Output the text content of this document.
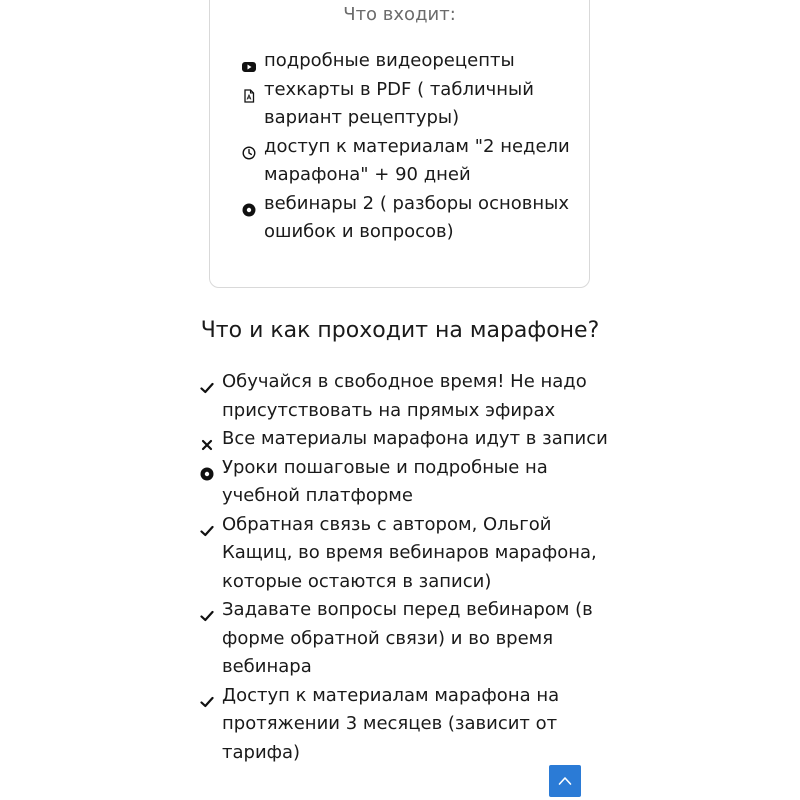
Что входит:
подробные видеорецепты
техкарты в PDF ( табличный вариант рецептуры)
доступ к материалам "2 недели марафона" + 90 дней
вебинары 2 ( разборы основных ошибок и вопросов)
Что и как проходит на марафоне?
Обучайся в свободное время! Не надо присутcтвовать на прямых эфирах
Все материалы марафона идут в записи
Уроки пошаговые и подробные на учебной платформе
Обратная связь с автором, Ольгой Кащиц, во время вебинаров марафона, которые остаются в записи)
Задавате вопросы перед вебинаром (в форме обратной связи) и во время вебинара
Доступ к материалам марафона на протяжении 3 месяцев (зависит от тарифа)
